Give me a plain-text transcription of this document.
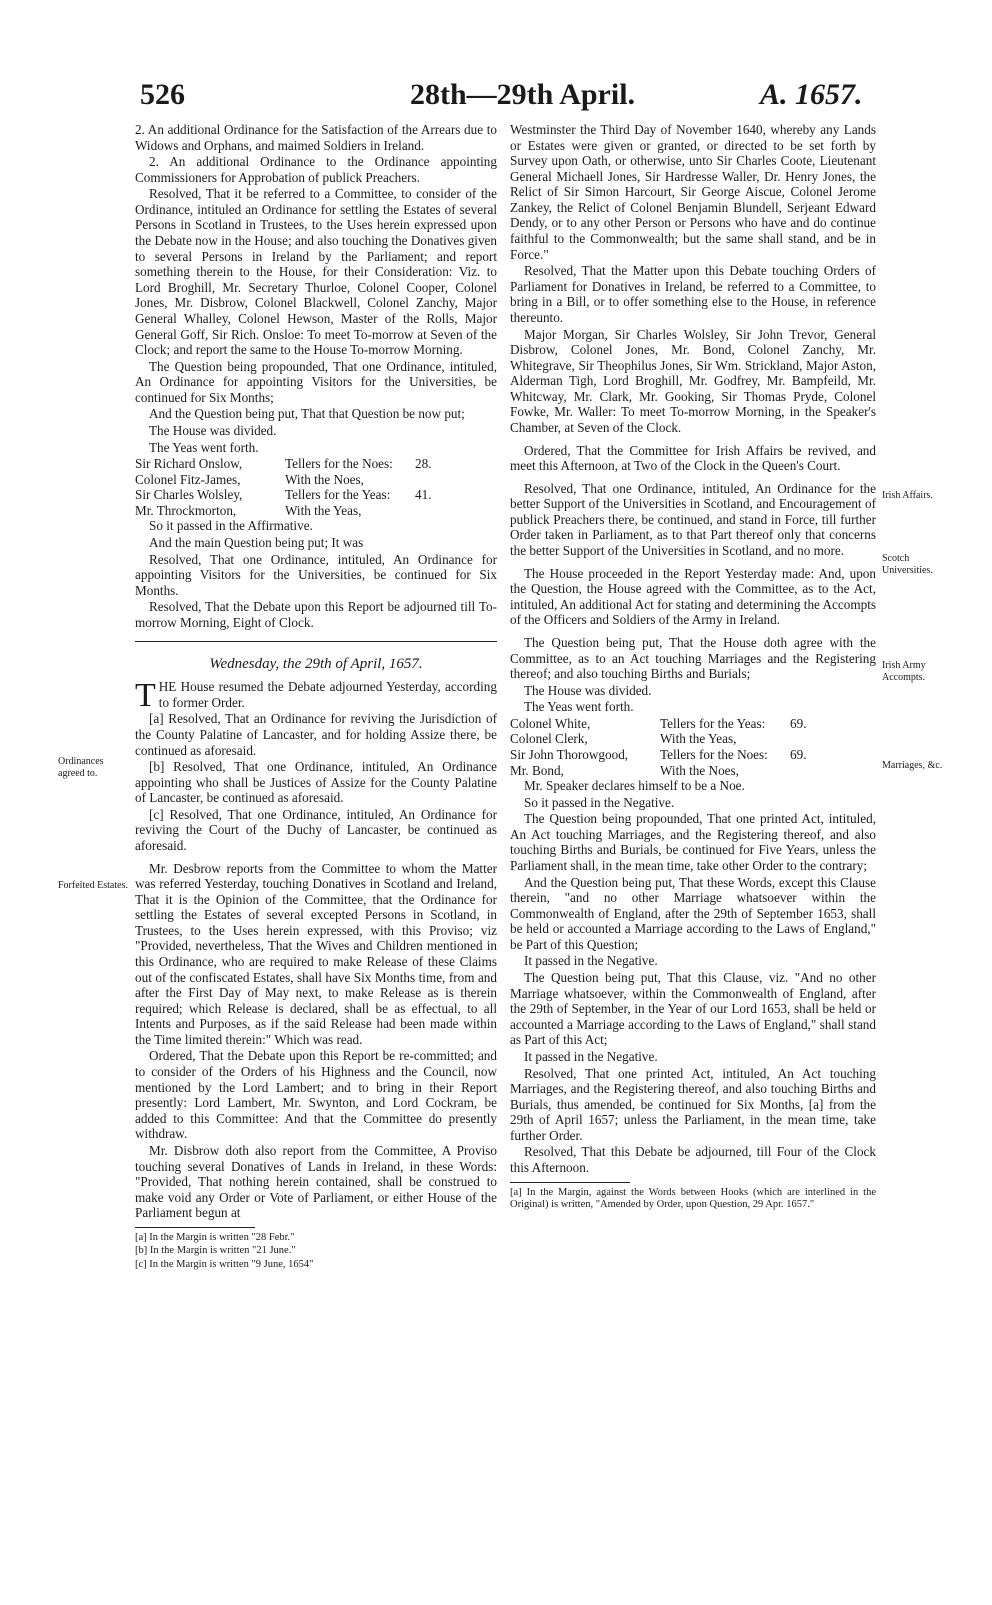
526	28th—29th April.	A. 1657.

2. An additional Ordinance for the Satisfaction of the Arrears due to Widows and Orphans, and maimed Soldiers in Ireland.

2. An additional Ordinance to the Ordinance appointing Commissioners for Approbation of publick Preachers.

Resolved, That it be referred to a Committee, to consider of the Ordinance, intituled an Ordinance for settling the Estates of several Persons in Scotland in Trustees, to the Uses herein expressed upon the Debate now in the House; and also touching the Donatives given to several Persons in Ireland by the Parliament; and report something therein to the House, for their Consideration: Viz. to Lord Broghill, Mr. Secretary Thurloe, Colonel Cooper, Colonel Jones, Mr. Disbrow, Colonel Blackwell, Colonel Zanchy, Major General Whalley, Colonel Hewson, Master of the Rolls, Major General Goff, Sir Rich. Onsloe: To meet To-morrow at Seven of the Clock; and report the same to the House To-morrow Morning.

The Question being propounded, That one Ordinance, intituled, An Ordinance for appointing Visitors for the Universities, be continued for Six Months;

And the Question being put, That that Question be now put;

The House was divided.

The Yeas went forth.

Sir Richard Onslow,	Tellers for the Noes:	28.
Colonel Fitz-James,	With the Noes,
Sir Charles Wolsley,	Tellers for the Yeas:	41.
Mr. Throckmorton,	With the Yeas,

So it passed in the Affirmative.

And the main Question being put; It was

Resolved, That one Ordinance, intituled, An Ordinance for appointing Visitors for the Universities, be continued for Six Months.

Resolved, That the Debate upon this Report be adjourned till To-morrow Morning, Eight of Clock.

Wednesday, the 29th of April, 1657.

THE House resumed the Debate adjourned Yesterday, according to former Order.

[a] Resolved, That an Ordinance for reviving the Jurisdiction of the County Palatine of Lancaster, and for holding Assize there, be continued as aforesaid.

[b] Resolved, That one Ordinance, intituled, An Ordinance appointing who shall be Justices of Assize for the County Palatine of Lancaster, be continued as aforesaid.

[c] Resolved, That one Ordinance, intituled, An Ordinance for reviving the Court of the Duchy of Lancaster, be continued as aforesaid.

Mr. Desbrow reports from the Committee to whom the Matter was referred Yesterday, touching Donatives in Scotland and Ireland, That it is the Opinion of the Committee, that the Ordinance for settling the Estates of several excepted Persons in Scotland, in Trustees, to the Uses herein expressed, with this Proviso; viz "Provided, nevertheless, That the Wives and Children mentioned in this Ordinance, who are required to make Release of these Claims out of the confiscated Estates, shall have Six Months time, from and after the First Day of May next, to make Release as is therein required; which Release is declared, shall be as effectual, to all Intents and Purposes, as if the said Release had been made within the Time limited therein:" Which was read.

Ordered, That the Debate upon this Report be re-committed; and to consider of the Orders of his Highness and the Council, now mentioned by the Lord Lambert; and to bring in their Report presently: Lord Lambert, Mr. Swynton, and Lord Cockram, be added to this Committee: And that the Committee do presently withdraw.

Mr. Disbrow doth also report from the Committee, A Proviso touching several Donatives of Lands in Ireland, in these Words: "Provided, That nothing herein contained, shall be construed to make void any Order or Vote of Parliament, or either House of the Parliament begun at

[a] In the Margin is written "28 Febr."

[b] In the Margin is written "21 June."

[c] In the Margin is written "9 June, 1654"

Ordinances agreed to.
Forfeited Estates.

Westminster the Third Day of November 1640, whereby any Lands or Estates were given or granted, or directed to be set forth by Survey upon Oath, or otherwise, unto Sir Charles Coote, Lieutenant General Michaell Jones, Sir Hardresse Waller, Dr. Henry Jones, the Relict of Sir Simon Harcourt, Sir George Aiscue, Colonel Jerome Zankey, the Relict of Colonel Benjamin Blundell, Serjeant Edward Dendy, or to any other Person or Persons who have and do continue faithful to the Commonwealth; but the same shall stand, and be in Force."

Resolved, That the Matter upon this Debate touching Orders of Parliament for Donatives in Ireland, be referred to a Committee, to bring in a Bill, or to offer something else to the House, in reference thereunto.

Major Morgan, Sir Charles Wolsley, Sir John Trevor, General Disbrow, Colonel Jones, Mr. Bond, Colonel Zanchy, Mr. Whitegrave, Sir Theophilus Jones, Sir Wm. Strickland, Major Aston, Alderman Tigh, Lord Broghill, Mr. Godfrey, Mr. Bampfeild, Mr. Whitcway, Mr. Clark, Mr. Gooking, Sir Thomas Pryde, Colonel Fowke, Mr. Waller: To meet To-morrow Morning, in the Speaker's Chamber, at Seven of the Clock.

Ordered, That the Committee for Irish Affairs be revived, and meet this Afternoon, at Two of the Clock in the Queen's Court.

Resolved, That one Ordinance, intituled, An Ordinance for the better Support of the Universities in Scotland, and Encouragement of publick Preachers there, be continued, and stand in Force, till further Order taken in Parliament, as to that Part thereof only that concerns the better Support of the Universities in Scotland, and no more.

The House proceeded in the Report Yesterday made: And, upon the Question, the House agreed with the Committee, as to the Act, intituled, An additional Act for stating and determining the Accompts of the Officers and Soldiers of the Army in Ireland.

The Question being put, That the House doth agree with the Committee, as to an Act touching Marriages and the Registering thereof; and also touching Births and Burials;

The House was divided.

The Yeas went forth.

Colonel White,	Tellers for the Yeas:	69.
Colonel Clerk,	With the Yeas,
Sir John Thorowgood,	Tellers for the Noes:	69.
Mr. Bond,	With the Noes,

Mr. Speaker declares himself to be a Noe.

So it passed in the Negative.

The Question being propounded, That one printed Act, intituled, An Act touching Marriages, and the Registering thereof, and also touching Births and Burials, be continued for Five Years, unless the Parliament shall, in the mean time, take other Order to the contrary;

And the Question being put, That these Words, except this Clause therein, "and no other Marriage whatsoever within the Commonwealth of England, after the 29th of September 1653, shall be held or accounted a Marriage according to the Laws of England," be Part of this Question;

It passed in the Negative.

The Question being put, That this Clause, viz. "And no other Marriage whatsoever, within the Commonwealth of England, after the 29th of September, in the Year of our Lord 1653, shall be held or accounted a Marriage according to the Laws of England," shall stand as Part of this Act;

It passed in the Negative.

Resolved, That one printed Act, intituled, An Act touching Marriages, and the Registering thereof, and also touching Births and Burials, thus amended, be continued for Six Months, [a] from the 29th of April 1657; unless the Parliament, in the mean time, take further Order.

Resolved, That this Debate be adjourned, till Four of the Clock this Afternoon.

[a] In the Margin, against the Words between Hooks (which are interlined in the Original) is written, "Amended by Order, upon Question, 29 Apr. 1657."

Irish Affairs.
Scotch Universities.
Irish Army Accompts.
Marriages, &c.
